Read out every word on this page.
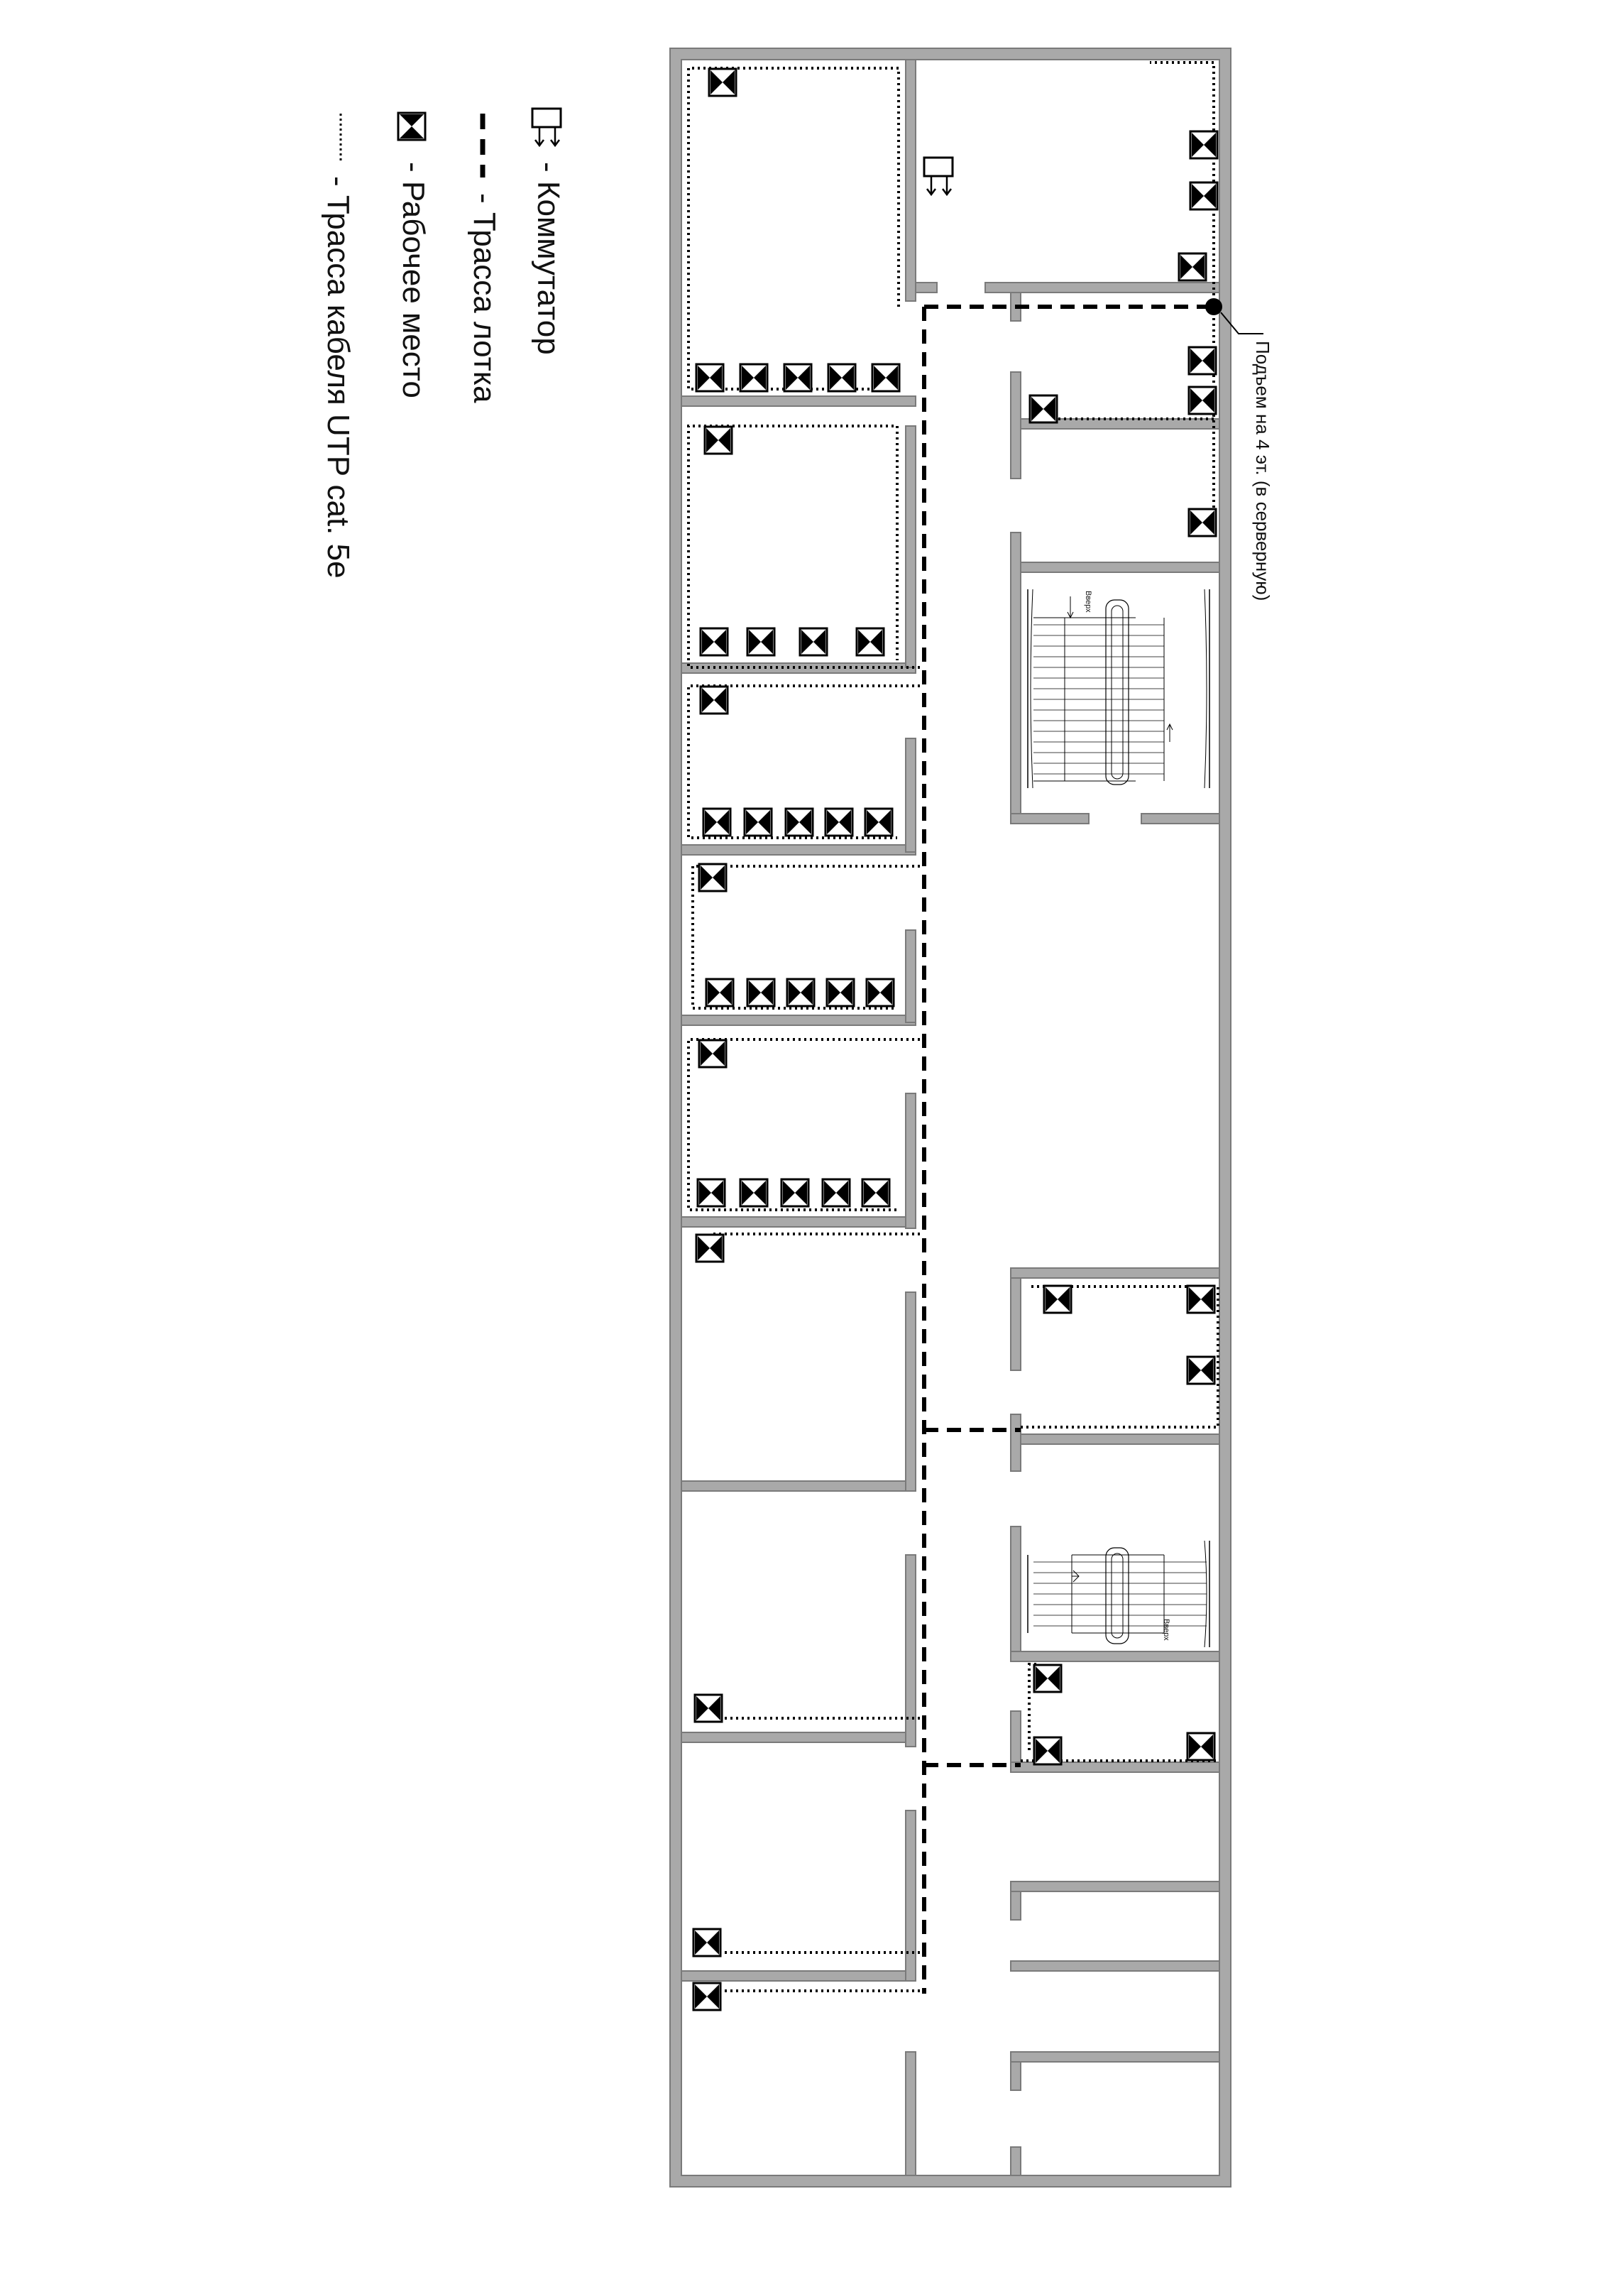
- Коммутатор
- Трасса лотка
- Рабочее место
- Трасса кабеля UTP cat. 5e
Вверх
Вверх
Подъем на 4 эт. (в серверную)
